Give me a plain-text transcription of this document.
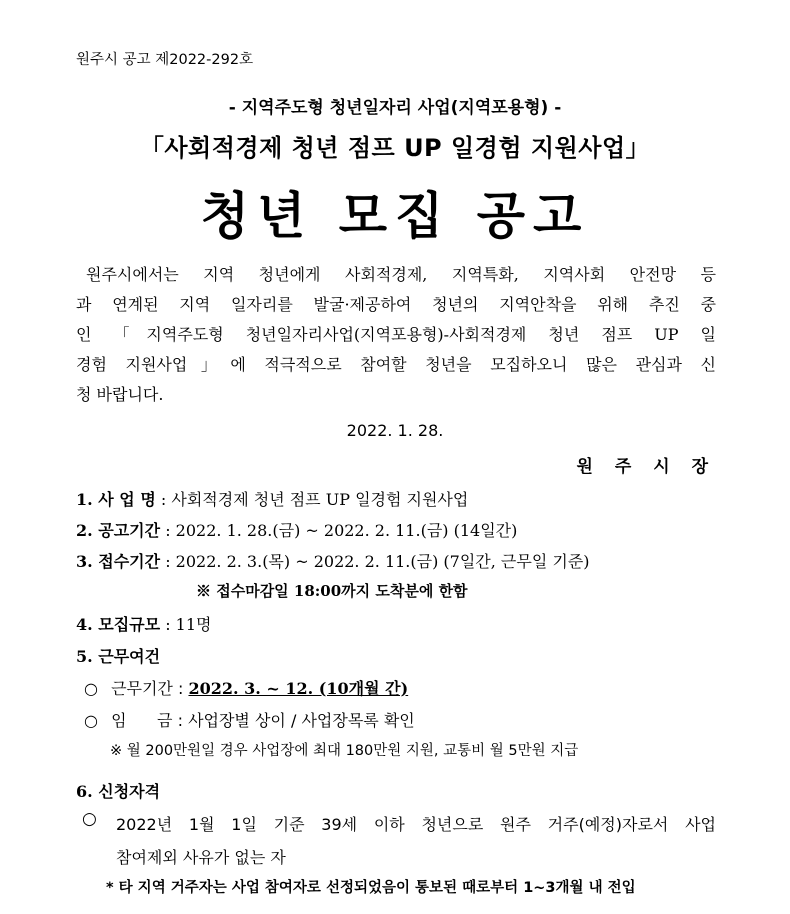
원주시 공고 제2022-292호
- 지역주도형 청년일자리 사업(지역포용형) -
「사회적경제 청년 점프 UP 일경험 지원사업」
청년 모집 공고
원주시에서는 지역 청년에게 사회적경제, 지역특화, 지역사회 안전망 등
과 연계된 지역 일자리를 발굴·제공하여 청년의 지역안착을 위해 추진 중
인 「지역주도형 청년일자리사업(지역포용형)-사회적경제 청년 점프 UP 일
경험 지원사업」에 적극적으로 참여할 청년을 모집하오니 많은 관심과 신
청 바랍니다.
2022. 1. 28.
원 주 시 장
1. 사 업 명 : 사회적경제 청년 점프 UP 일경험 지원사업
2. 공고기간 : 2022. 1. 28.(금) ~ 2022. 2. 11.(금) (14일간)
3. 접수기간 : 2022. 2. 3.(목) ~ 2022. 2. 11.(금) (7일간, 근무일 기준)
※ 접수마감일 18:00까지 도착분에 한함
4. 모집규모 : 11명
5. 근무여건
○ 근무기간 : 2022. 3. ~ 12. (10개월 간)
○ 임      금 : 사업장별 상이 / 사업장목록 확인
※ 월 200만원일 경우 사업장에 최대 180만원 지원, 교통비 월 5만원 지급
6. 신청자격
○ 2022년 1월 1일 기준 39세 이하 청년으로 원주 거주(예정)자로서 사업
참여제외 사유가 없는 자
* 타 지역 거주자는 사업 참여자로 선정되었음이 통보된 때로부터 1~3개월 내 전입
